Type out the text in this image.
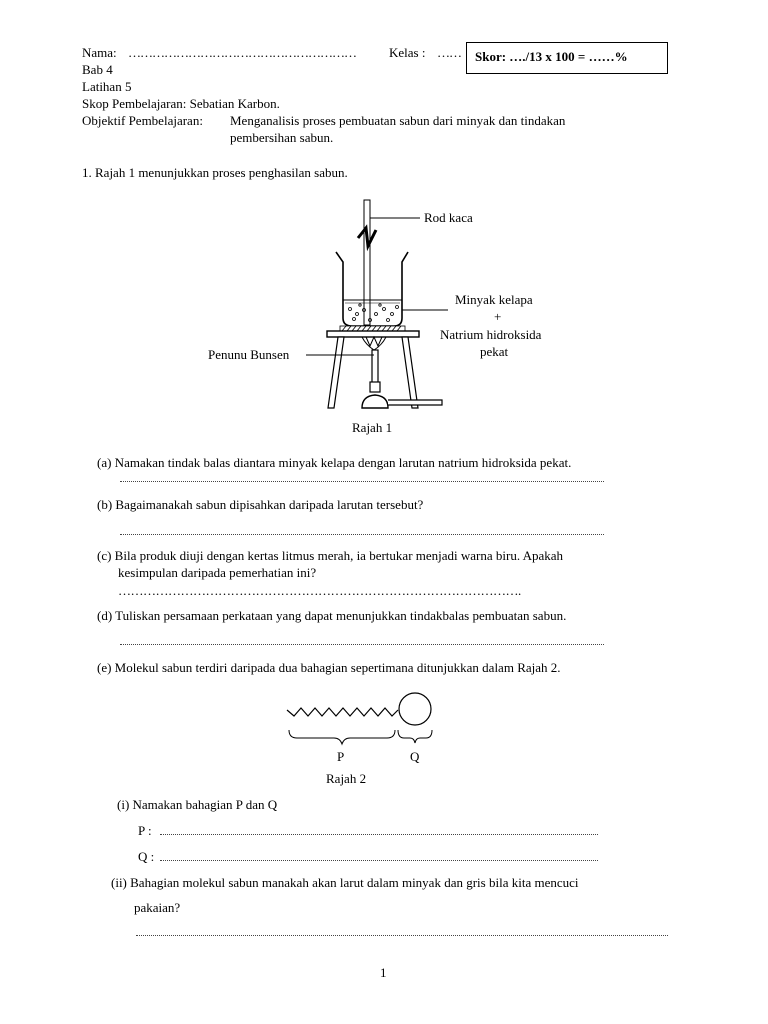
Nama: …………………………………………………	Kelas : ……	Skor: …./13 x 100 = ……%
Bab 4
Latihan 5
Skop Pembelajaran: Sebatian Karbon.
Objektif Pembelajaran: Menganalisis proses pembuatan sabun dari minyak dan tindakan
pembersihan sabun.
1. Rajah 1 menunjukkan proses penghasilan sabun.
Rod kaca
Minyak kelapa
+
Natrium hidroksida
pekat
Penunu Bunsen
Rajah 1
(a) Namakan tindak balas diantara minyak kelapa dengan larutan natrium hidroksida pekat.
(b) Bagaimanakah sabun dipisahkan daripada larutan tersebut?
(c) Bila produk diuji dengan kertas litmus merah, ia bertukar menjadi warna biru. Apakah
kesimpulan daripada pemerhatian ini?
…………………………………………………………………………………….
(d) Tuliskan persamaan perkataan yang dapat menunjukkan tindakbalas pembuatan sabun.
(e) Molekul sabun terdiri daripada dua bahagian sepertimana ditunjukkan dalam Rajah 2.
P	Q
Rajah 2
(i) Namakan bahagian P dan Q
P :
Q :
(ii) Bahagian molekul sabun manakah akan larut dalam minyak dan gris bila kita mencuci
pakaian?
1
